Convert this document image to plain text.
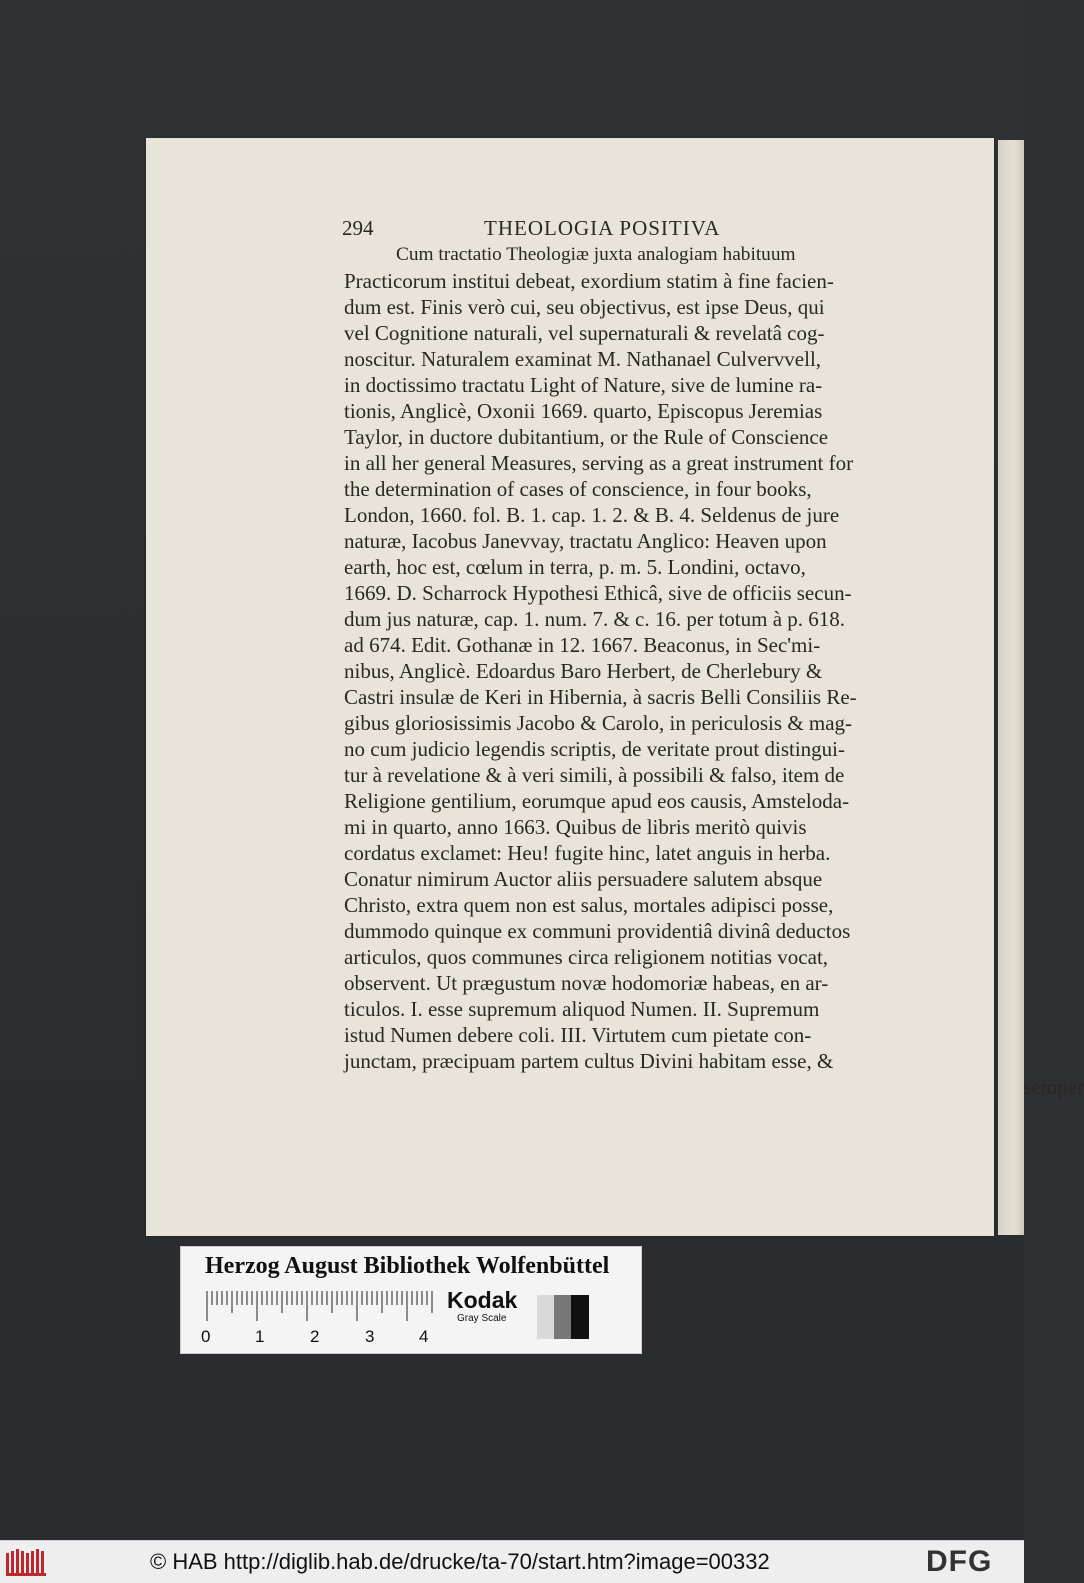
294	THEOLOGIA POSITIVA
Cum tractatio Theologiæ juxta analogiam habituum
Practicorum institui debeat, exordium statim à fine facien-
dum est. Finis verò cui, seu objectivus, est ipse Deus, qui
vel Cognitione naturali, vel supernaturali & revelatâ cog-
noscitur. Naturalem examinat M. Nathanael Culvervvell,
in doctissimo tractatu Light of Nature, sive de lumine ra-
tionis, Anglicè, Oxonii 1669. quarto, Episcopus Jeremias
Taylor, in ductore dubitantium, or the Rule of Conscience
in all her general Measures, serving as a great instrument for
the determination of cases of conscience, in four books,
London, 1660. fol. B. 1. cap. 1. 2. & B. 4. Seldenus de jure
naturæ, Iacobus Janevvay, tractatu Anglico: Heaven upon
earth, hoc est, cœlum in terra, p. m. 5. Londini, octavo,
1669. D. Scharrock Hypothesi Ethicâ, sive de officiis secun-
dum jus naturæ, cap. 1. num. 7. & c. 16. per totum à p. 618.
ad 674. Edit. Gothanæ in 12. 1667. Beaconus, in Sec'mi-
nibus, Anglicè. Edoardus Baro Herbert, de Cherlebury &
Castri insulæ de Keri in Hibernia, à sacris Belli Consiliis Re-
gibus gloriosissimis Jacobo & Carolo, in periculosis & mag-
no cum judicio legendis scriptis, de veritate prout distingui-
tur à revelatione & à veri simili, à possibili & falso, item de
Religione gentilium, eorumque apud eos causis, Amstelodа-
mi in quarto, anno 1663. Quibus de libris meritò quivis
cordatus exclamet: Heu! fugite hinc, latet anguis in herba.
Conatur nimirum Auctor aliis persuadere salutem absque
Christo, extra quem non est salus, mortales adipisci posse,
dummodo quinque ex communi providentiâ divinâ deductos
articulos, quos communes circa religionem notitias vocat,
observent. Ut prægustum novæ hodomoriæ habeas, en ar-
ticulos. I. esse supremum aliquod Numen. II. Supremum
istud Numen debere coli. III. Virtutem cum pietate con-
junctam, præcipuam partem cultus Divini habitam esse, &
semper
Herzog August Bibliothek Wolfenbüttel
0	1	2	3	4
Kodak
Gray Scale
© HAB http://diglib.hab.de/drucke/ta-70/start.htm?image=00332	DFG
